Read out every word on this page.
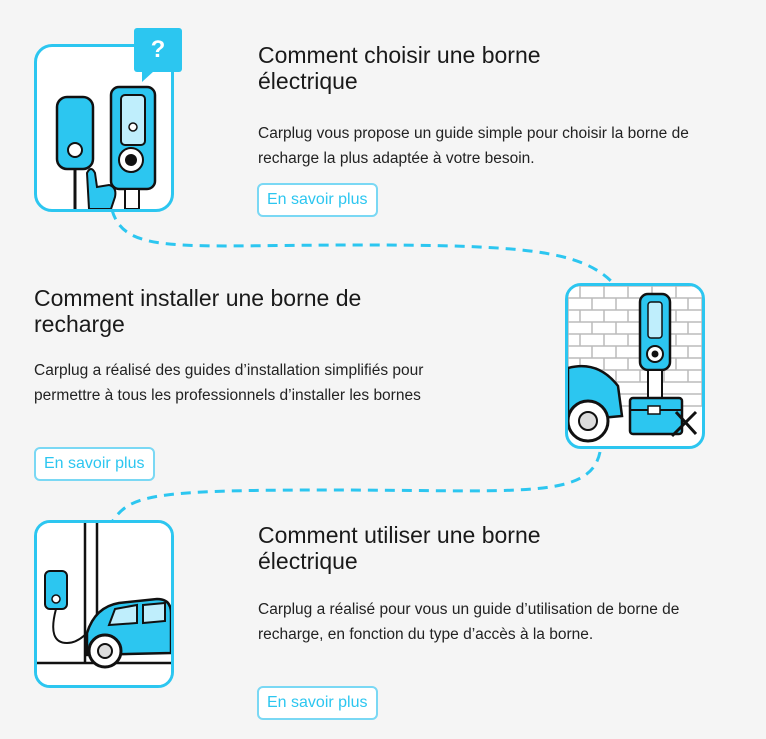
?	Comment choisir une borne électrique

Carplug vous propose un guide simple pour choisir la borne de recharge la plus adaptée à votre besoin.

En savoir plus
Comment installer une borne de recharge

Carplug a réalisé des guides d’installation simplifiés pour permettre à tous les professionnels d’installer les bornes

En savoir plus
Comment utiliser une borne électrique

Carplug a réalisé pour vous un guide d’utilisation de borne de recharge, en fonction du type d’accès à la borne.

En savoir plus
